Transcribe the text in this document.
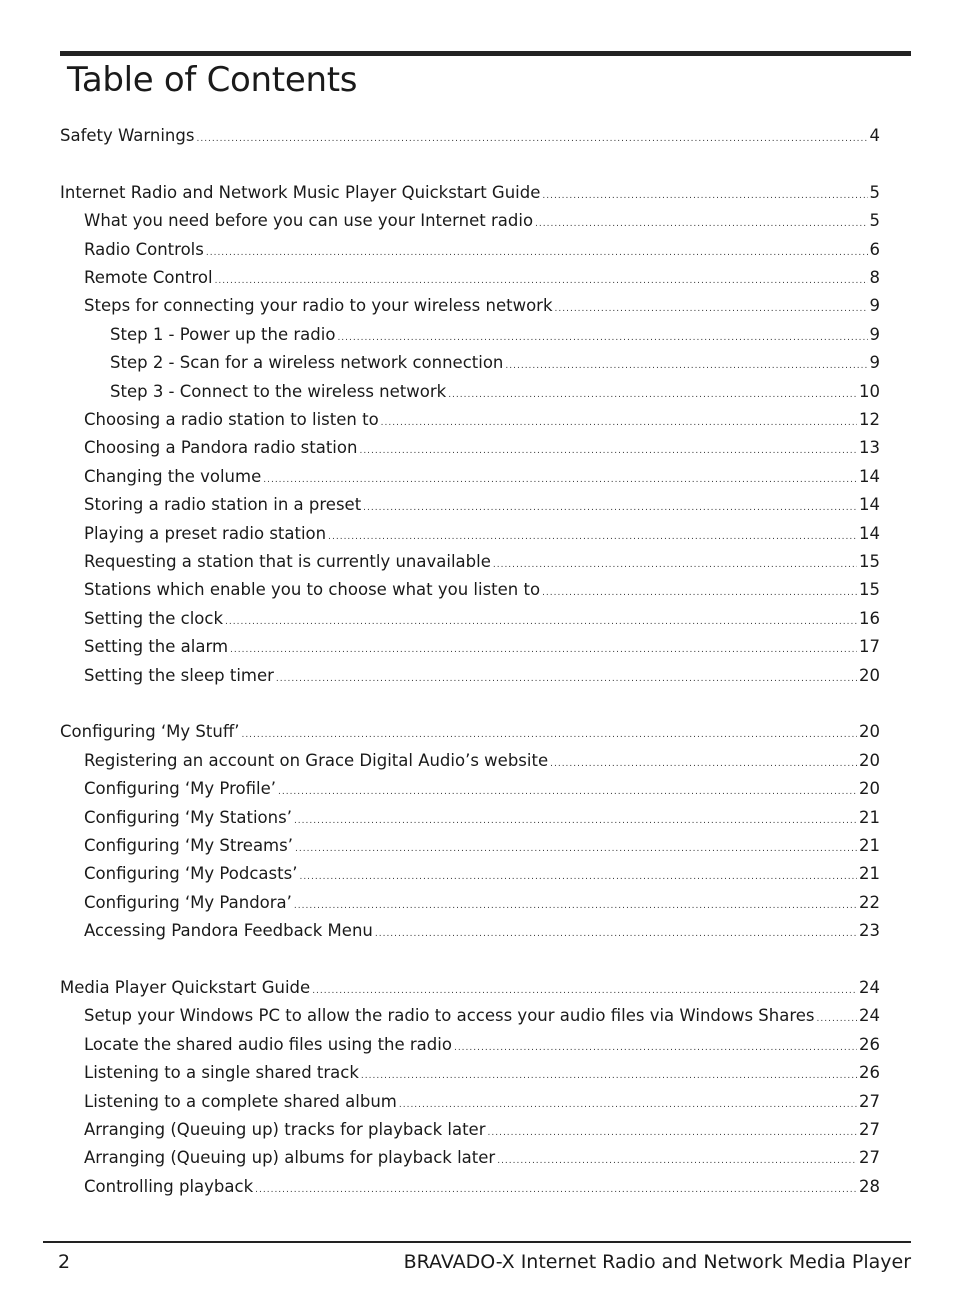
Table of Contents
Safety Warnings .....	4
Internet Radio and Network Music Player Quickstart Guide .....	5
What you need before you can use your Internet radio .....	5
Radio Controls .....	6
Remote Control .....	8
Steps for connecting your radio to your wireless network .....	9
Step 1 - Power up the radio .....	9
Step 2 - Scan for a wireless network connection .....	9
Step 3 - Connect to the wireless network .....	10
Choosing a radio station to listen to .....	12
Choosing a Pandora radio station .....	13
Changing the volume .....	14
Storing a radio station in a preset .....	14
Playing a preset radio station .....	14
Requesting a station that is currently unavailable .....	15
Stations which enable you to choose what you listen to .....	15
Setting the clock .....	16
Setting the alarm .....	17
Setting the sleep timer .....	20
Configuring ‘My Stuff’ .....	20
Registering an account on Grace Digital Audio’s website .....	20
Configuring ‘My Profile’ .....	20
Configuring ‘My Stations’ .....	21
Configuring ‘My Streams’ .....	21
Configuring ‘My Podcasts’ .....	21
Configuring ‘My Pandora’ .....	22
Accessing Pandora Feedback Menu .....	23
Media Player Quickstart Guide .....	24
Setup your Windows PC to allow the radio to access your audio files via Windows Shares .....	24
Locate the shared audio files using the radio .....	26
Listening to a single shared track .....	26
Listening to a complete shared album .....	27
Arranging (Queuing up) tracks for playback later .....	27
Arranging (Queuing up) albums for playback later .....	27
Controlling playback .....	28
2	BRAVADO-X Internet Radio and Network Media Player
